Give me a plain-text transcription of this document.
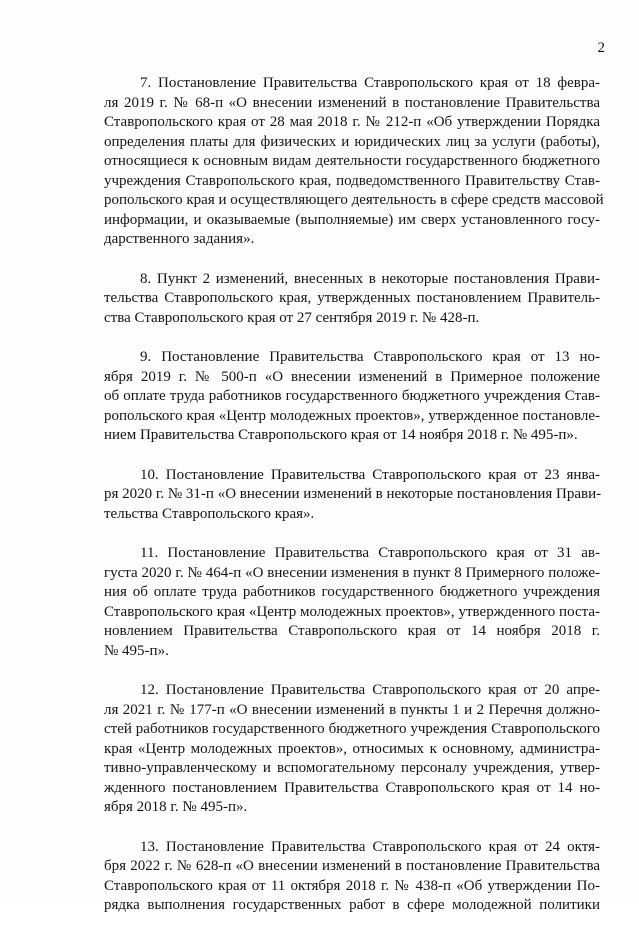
2

7. Постановление Правительства Ставропольского края от 18 февра-
ля 2019 г. № 68-п «О внесении изменений в постановление Правительства
Ставропольского края от 28 мая 2018 г. № 212-п «Об утверждении Порядка
определения платы для физических и юридических лиц за услуги (работы),
относящиеся к основным видам деятельности государственного бюджетного
учреждения Ставропольского края, подведомственного Правительству Став-
ропольского края и осуществляющего деятельность в сфере средств массовой
информации, и оказываемые (выполняемые) им сверх установленного госу-
дарственного задания».

8. Пункт 2 изменений, внесенных в некоторые постановления Прави-
тельства Ставропольского края, утвержденных постановлением Правитель-
ства Ставропольского края от 27 сентября 2019 г. № 428-п.

9. Постановление Правительства Ставропольского края от 13 но-
ября 2019 г. № 500-п «О внесении изменений в Примерное положение
об оплате труда работников государственного бюджетного учреждения Став-
ропольского края «Центр молодежных проектов», утвержденное постановле-
нием Правительства Ставропольского края от 14 ноября 2018 г. № 495-п».

10. Постановление Правительства Ставропольского края от 23 янва-
ря 2020 г. № 31-п «О внесении изменений в некоторые постановления Прави-
тельства Ставропольского края».

11. Постановление Правительства Ставропольского края от 31 ав-
густа 2020 г. № 464-п «О внесении изменения в пункт 8 Примерного положе-
ния об оплате труда работников государственного бюджетного учреждения
Ставропольского края «Центр молодежных проектов», утвержденного поста-
новлением Правительства Ставропольского края от 14 ноября 2018 г.
№ 495-п».

12. Постановление Правительства Ставропольского края от 20 апре-
ля 2021 г. № 177-п «О внесении изменений в пункты 1 и 2 Перечня должно-
стей работников государственного бюджетного учреждения Ставропольского
края «Центр молодежных проектов», относимых к основному, администра-
тивно-управленческому и вспомогательному персоналу учреждения, утвер-
жденного постановлением Правительства Ставропольского края от 14 но-
ября 2018 г. № 495-п».

13. Постановление Правительства Ставропольского края от 24 октя-
бря 2022 г. № 628-п «О внесении изменений в постановление Правительства
Ставропольского края от 11 октября 2018 г. № 438-п «Об утверждении По-
рядка выполнения государственных работ в сфере молодежной политики
